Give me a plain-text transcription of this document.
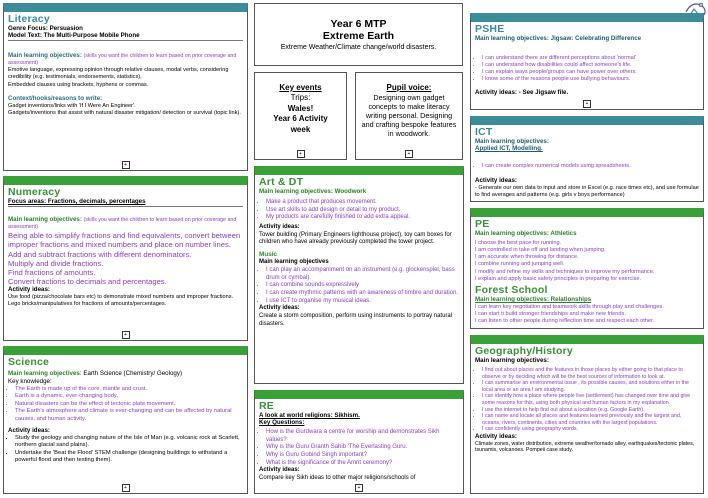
Literacy
Genre Focus: Persuasion
Model Text: The Multi-Purpose Mobile Phone
Main learning objectives: (skills you want the children to learn based on prior coverage and assessment)
Emotive language, expressing opinion through relative clauses, modal verbs, considering credibility (e.g. testimonials, endorsements, statistics),
Embedded clauses using brackets, hyphens or commas.
Context/hooks/reasons to write:
Gadget inventions/links with 'If I Were An Engineer'.
Gadgets/inventions that assist with natural disaster mitigation/ detection or survival (topic link).
+
Year 6 MTP
Extreme Earth
Extreme Weather/Climate change/world disasters.
Key events
Trips:
Wales!
Year 6 Activity
week
+
Pupil voice:
Designing own gadget concepts to make literacy writing personal. Designing and crafting bespoke features in woodwork.
+
Numeracy
Focus areas: Fractions, decimals, percentages
Main learning objectives: (skills you want the children to learn based on prior coverage and assessment)
Being able to simplify fractions and find equivalents, convert between improper fractions and mixed numbers and place on number lines.
Add and subtract fractions with different denominators.
Multiply and divide fractions.
Find fractions of amounts.
Convert fractions to decimals and percentages.
Activity ideas:
Use food (pizza/chocolate bars etc) to demonstrate mixed numbers and improper fractions. Lego bricks/manipulatives for fractions of amounts/percentages.
+
Science
Main learning objectives: Earth Science (Chemistry/ Geology)
Key knowledge:
• The Earth is made up of the core, mantle and crust.
• Earth is a dynamic, ever-changing body.
• Natural disasters can be the effect of tectonic plate movement.
• The Earth's atmosphere and climate is ever-changing and can be affected by natural causes, and human activity.
Activity ideas:
• Study the geology and changing nature of the Isle of Man (e.g. volcanic rock at Scarlett, northern glacial sand plains).
• Undertake the 'Beat the Flood' STEM challenge (designing buildings to withstand a powerful flood and then testing them).
+
Art & DT
Main learning objectives: Woodwork
• Make a product that produces movement.
• Use art skills to add design or detail to my product.
• My products are carefully finished to add extra appeal.
Activity ideas:
Tower building (Primary Engineers lighthouse project), toy cam boxes for children who have already previously completed the tower project.
Music
Main learning objectives
• I can play an accompaniment on an instrument (e.g. glockenspiel, bass drum or cymbal).
• I can combine sounds expressively
• I can create rhythmic patterns with an awareness of timbre and duration.
• I use ICT to organise my musical ideas.
Activity ideas:
Create a storm composition, perform using instruments to portray natural disasters.
RE
A look at world religions: Sikhism.
Key Questions:
• How is the Gurdwara a centre for worship and demonstrates Sikh values?
• Why is the Guru Granth Sahib 'The Everlasting Guru.
• Why is Guru Gobind Singh important?
• What is the significance of the Amrit ceremony?
Activity ideas:
Compare key Sikh ideas to other major religions/schools of
+
PSHE
Main learning objectives: Jigsaw: Celebrating Difference
• I can understand there are different perceptions about 'normal'
• I can understand how disabilities could affect someone's life.
• I can explain ways people/groups can have power over others.
• I know some of the reasons people use bullying behaviours.
Activity ideas: - See Jigsaw file.
+
ICT
Main learning objectives:
Applied ICT, Modelling.
• I can create complex numerical models using spreadsheets.
Activity ideas:
- Generate our own data to input and store in Excel (e.g. race times etc), and use formulae to find averages and patterns (e.g. girls v boys performance)
PE
Main learning objectives: Athletics
I choose the best pace for running.
I am controlled in take off and landing when jumping.
I am accurate when throwing for distance.
I combine running and jumping well.
I modify and refine my skills and techniques to improve my performance.
I explain and apply basic safety principles in preparing for exercise.
Forest School
Main learning objectives: Relationships
I can learn key negotiation and teamwork skills through play and challenges.
I can start ti build stronger friendships and make new friends.
I can listen to other people during reflection time and respect each other.
Geography/History
Main learning objectives:
• I find out about places and the features in those places by either going to that place to observe or by deciding which will be the best sources of information to look at.
• I can summarise an environmental issue , its possible causes, and solutions either in the local area or an area I am studying.
• I can identify how a place where people live (settlement) has changed over time and give some reasons for this, using both physical and human factors in my explanation.
• I use the internet to help find out about a location (e.g. Google Earth).
• I can name and locate all places and features learned previously and the largest and, oceans, rivers, continents, cities and countries with the largest populations.
• I can confidently using geography words.
Activity ideas:
Climate zones, water distribution, extreme weather/tornado alley, earthquakes/tectonic plates, tsunamis, volcanoes. Pompeii case study.
